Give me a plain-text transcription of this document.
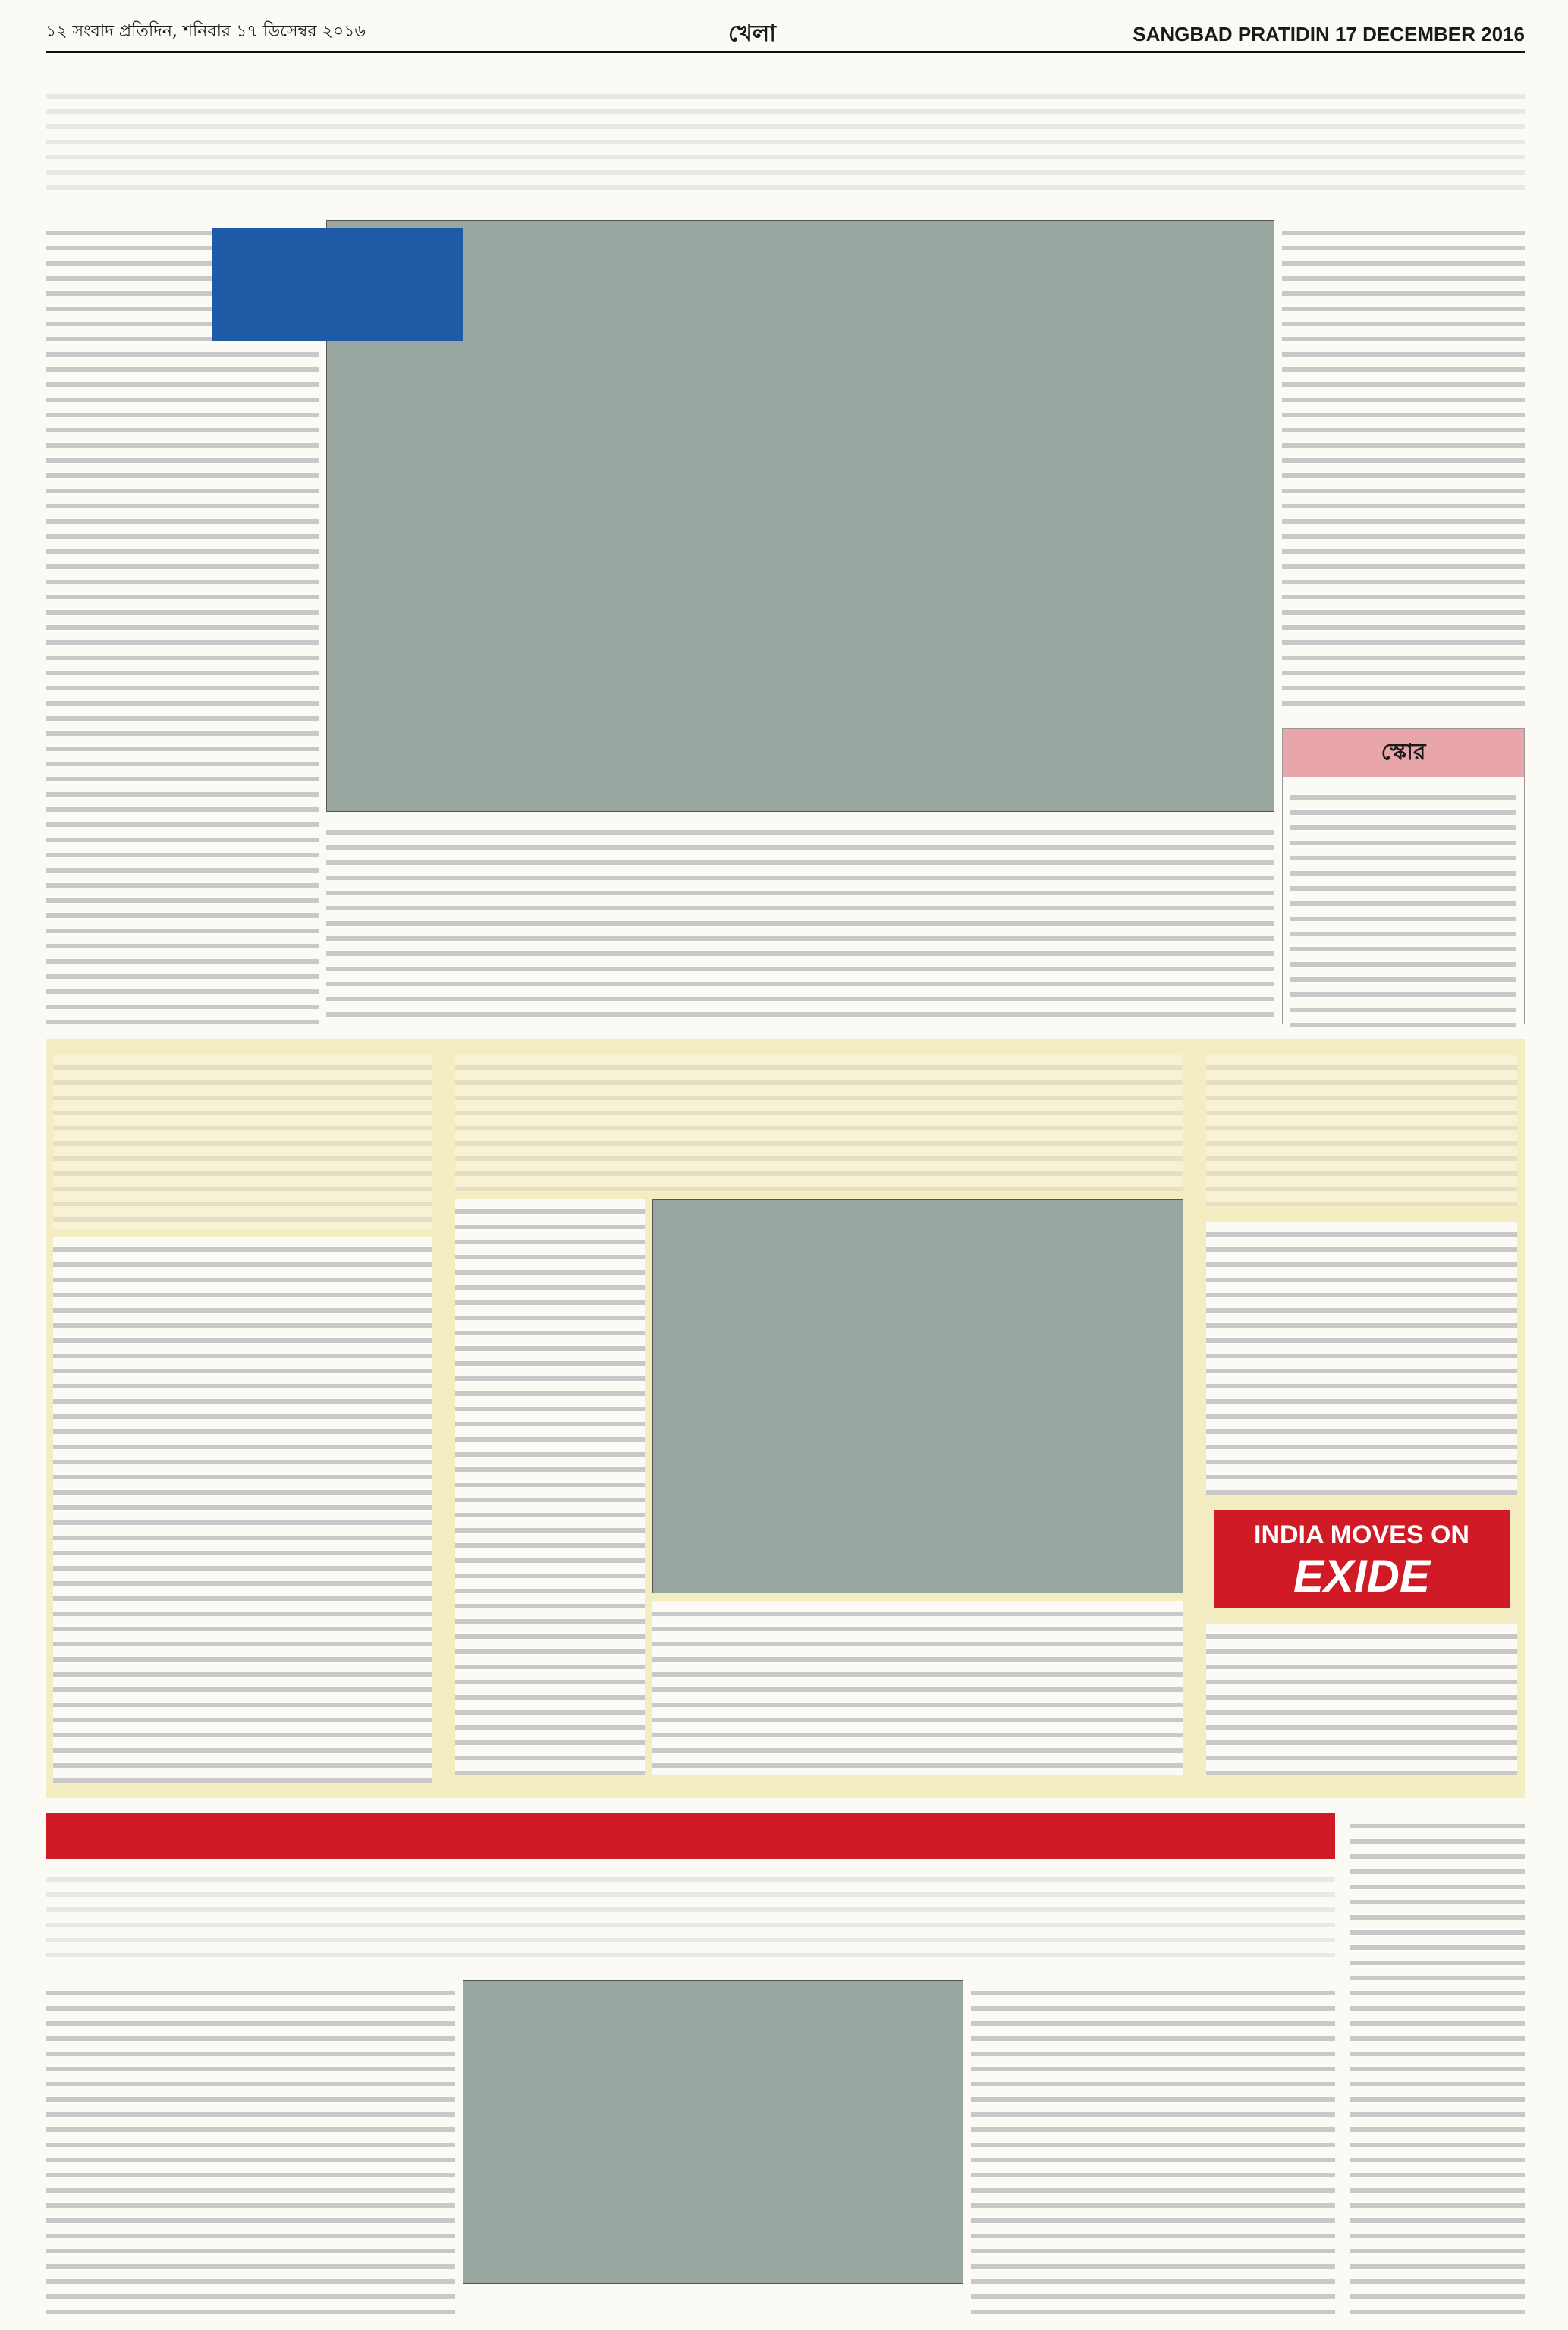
১২ সংবাদ প্রতিদিন, শনিবার ১৭ ডিসেম্বর ২০১৬	খেলা	SANGBAD PRATIDIN 17 DECEMBER 2016
স্কোর
INDIA MOVES ON
EXIDE
